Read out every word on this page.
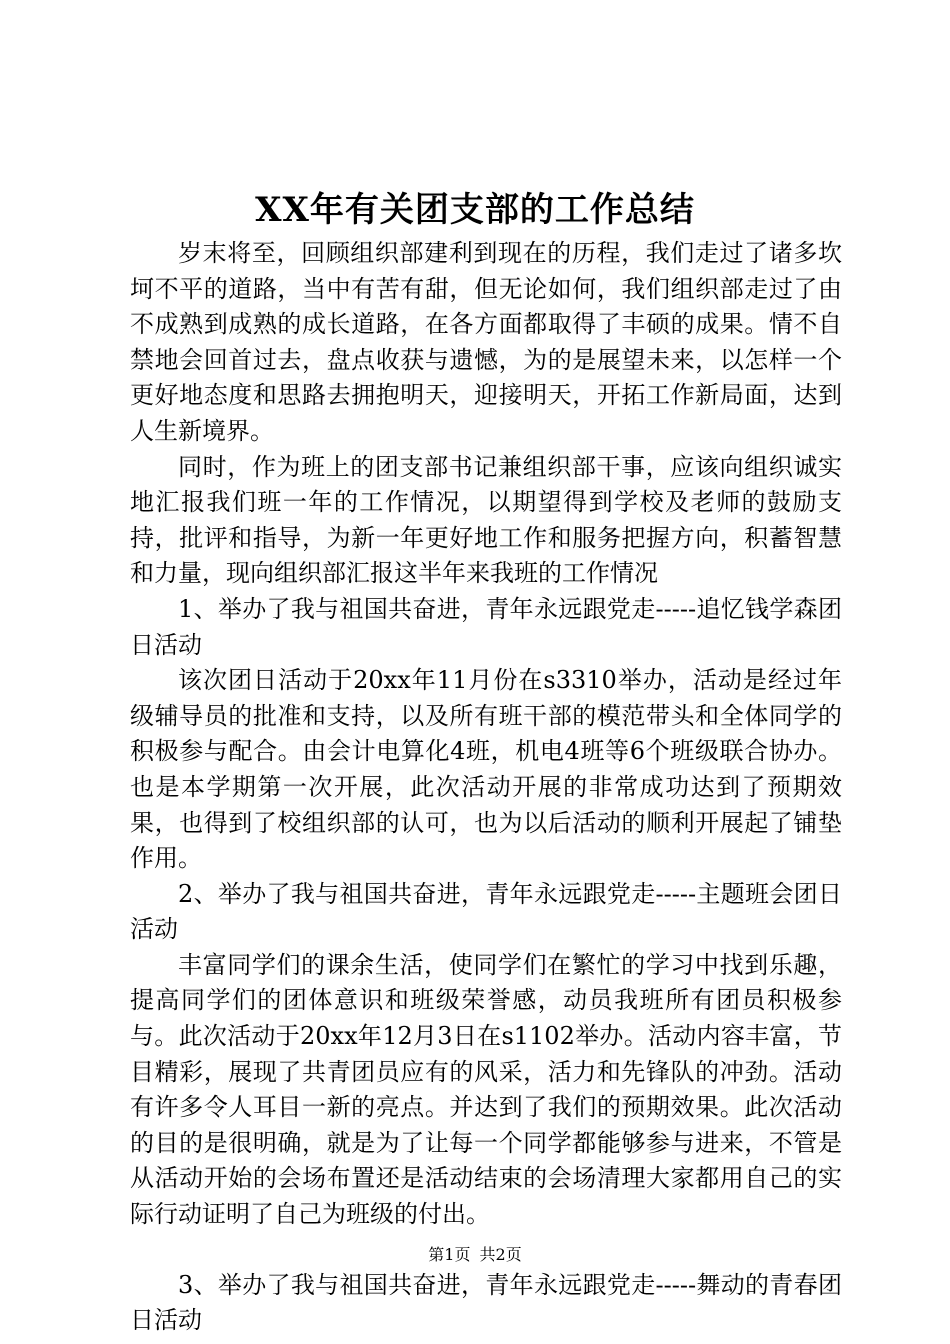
XX年有关团支部的工作总结

岁末将至，回顾组织部建利到现在的历程，我们走过了诸多坎坷不平的道路，当中有苦有甜，但无论如何，我们组织部走过了由不成熟到成熟的成长道路，在各方面都取得了丰硕的成果。情不自禁地会回首过去，盘点收获与遗憾，为的是展望未来，以怎样一个更好地态度和思路去拥抱明天，迎接明天，开拓工作新局面，达到人生新境界。

同时，作为班上的团支部书记兼组织部干事，应该向组织诚实地汇报我们班一年的工作情况，以期望得到学校及老师的鼓励支持，批评和指导，为新一年更好地工作和服务把握方向，积蓄智慧和力量，现向组织部汇报这半年来我班的工作情况

1、举办了我与祖国共奋进，青年永远跟党走-----追忆钱学森团日活动

该次团日活动于20xx年11月份在s3310举办，活动是经过年级辅导员的批准和支持，以及所有班干部的模范带头和全体同学的积极参与配合。由会计电算化4班，机电4班等6个班级联合协办。也是本学期第一次开展，此次活动开展的非常成功达到了预期效果，也得到了校组织部的认可，也为以后活动的顺利开展起了铺垫作用。

2、举办了我与祖国共奋进，青年永远跟党走-----主题班会团日活动

丰富同学们的课余生活，使同学们在繁忙的学习中找到乐趣，提高同学们的团体意识和班级荣誉感，动员我班所有团员积极参与。此次活动于20xx年12月3日在s1102举办。活动内容丰富，节目精彩，展现了共青团员应有的风采，活力和先锋队的冲劲。活动有许多令人耳目一新的亮点。并达到了我们的预期效果。此次活动的目的是很明确，就是为了让每一个同学都能够参与进来，不管是从活动开始的会场布置还是活动结束的会场清理大家都用自己的实际行动证明了自己为班级的付出。

3、举办了我与祖国共奋进，青年永远跟党走-----舞动的青春团日活动

第1页 共2页
